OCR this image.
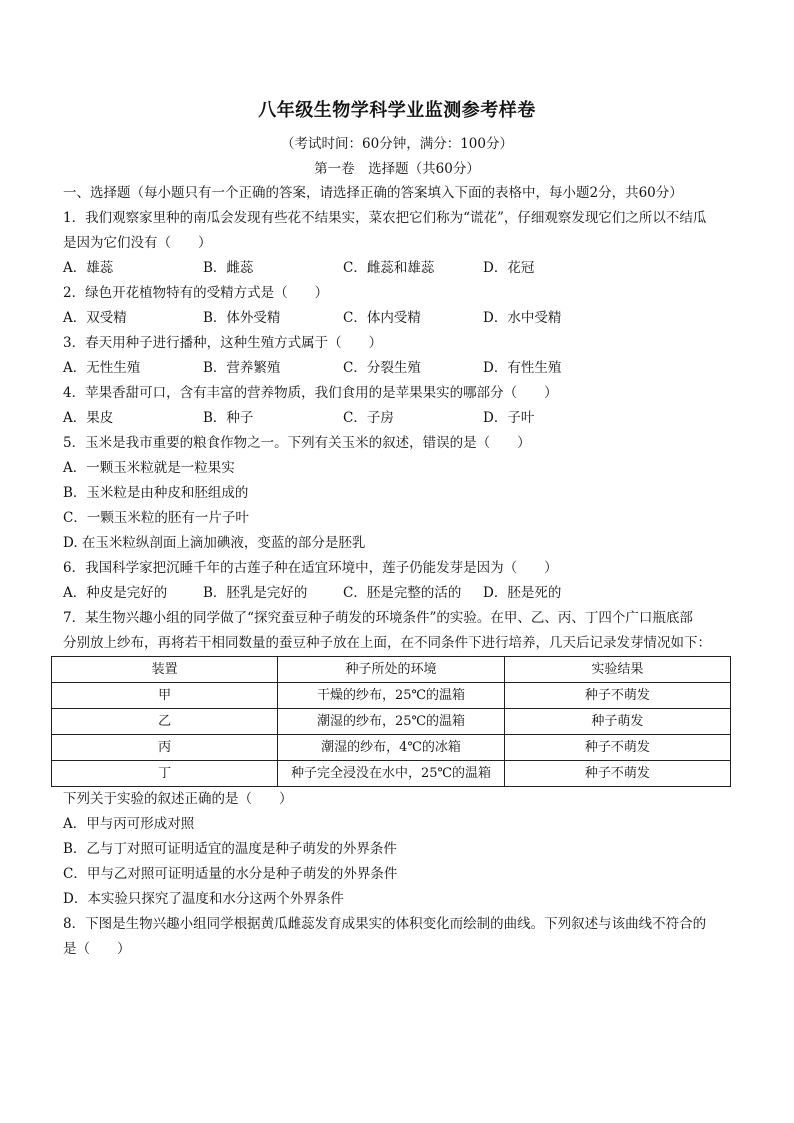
八年级生物学科学业监测参考样卷
（考试时间：60分钟，满分：100分）
第一卷　选择题（共60分）
一、选择题（每小题只有一个正确的答案，请选择正确的答案填入下面的表格中，每小题2分，共60分）
1．我们观察家里种的南瓜会发现有些花不结果实，菜农把它们称为“谎花”，仔细观察发现它们之所以不结瓜
是因为它们没有（　　）
A．雄蕊	B．雌蕊	C．雌蕊和雄蕊	D．花冠
2．绿色开花植物特有的受精方式是（　　）
A．双受精	B．体外受精	C．体内受精	D．水中受精
3．春天用种子进行播种，这种生殖方式属于（　　）
A．无性生殖	B．营养繁殖	C．分裂生殖	D．有性生殖
4．苹果香甜可口，含有丰富的营养物质，我们食用的是苹果果实的哪部分（　　）
A．果皮	B．种子	C．子房	D．子叶
5．玉米是我市重要的粮食作物之一。下列有关玉米的叙述，错误的是（　　）
A．一颗玉米粒就是一粒果实
B．玉米粒是由种皮和胚组成的
C．一颗玉米粒的胚有一片子叶
D. 在玉米粒纵剖面上滴加碘液，变蓝的部分是胚乳
6．我国科学家把沉睡千年的古莲子种在适宜环境中，莲子仍能发芽是因为（　　）
A．种皮是完好的	B．胚乳是完好的	C．胚是完整的活的	D．胚是死的
7．某生物兴趣小组的同学做了“探究蚕豆种子萌发的环境条件”的实验。在甲、乙、丙、丁四个广口瓶底部
分别放上纱布，再将若干相同数量的蚕豆种子放在上面，在不同条件下进行培养，几天后记录发芽情况如下：
装置	种子所处的环境	实验结果
甲	干燥的纱布，25℃的温箱	种子不萌发
乙	潮湿的纱布，25℃的温箱	种子萌发
丙	潮湿的纱布，4℃的冰箱	种子不萌发
丁	种子完全浸没在水中，25℃的温箱	种子不萌发
下列关于实验的叙述正确的是（　　）
A．甲与丙可形成对照
B．乙与丁对照可证明适宜的温度是种子萌发的外界条件
C．甲与乙对照可证明适量的水分是种子萌发的外界条件
D．本实验只探究了温度和水分这两个外界条件
8．下图是生物兴趣小组同学根据黄瓜雌蕊发育成果实的体积变化而绘制的曲线。下列叙述与该曲线不符合的
是（　　）
